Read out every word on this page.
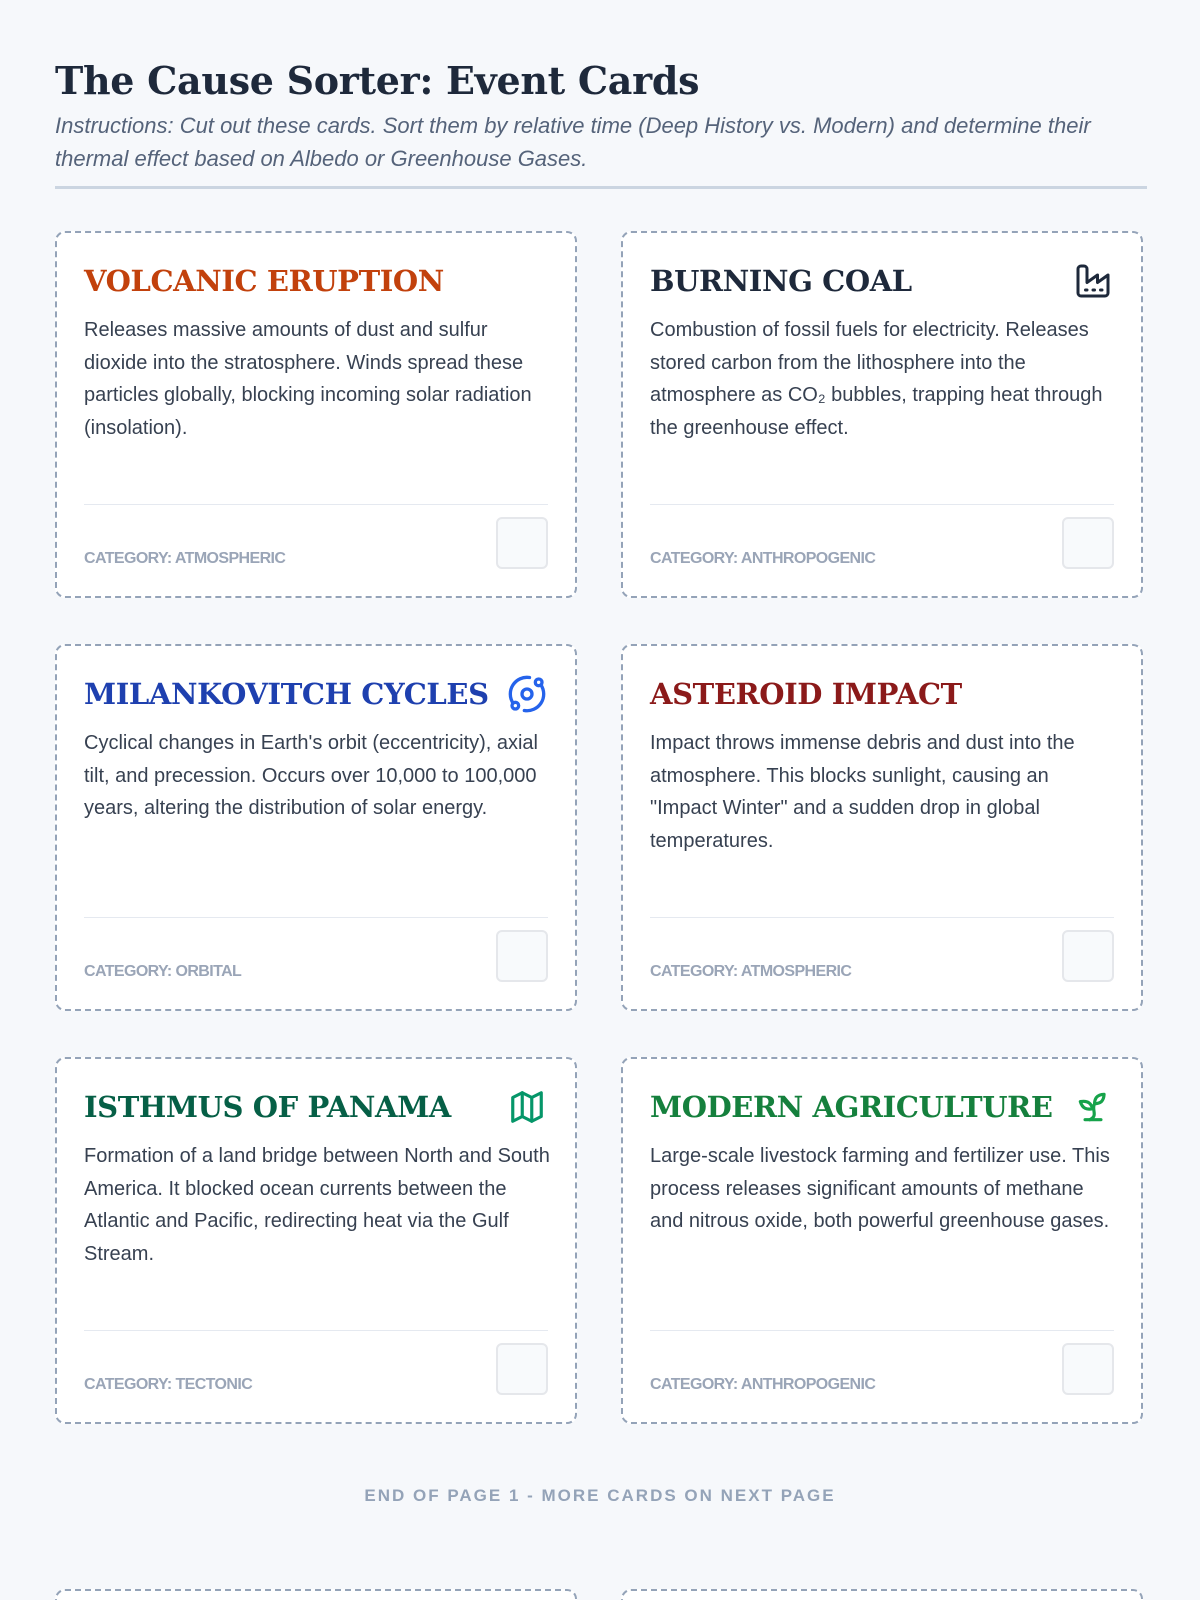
The Cause Sorter: Event Cards

Instructions: Cut out these cards. Sort them by relative time (Deep History vs. Modern) and determine their thermal effect based on Albedo or Greenhouse Gases.

VOLCANIC ERUPTION

Releases massive amounts of dust and sulfur dioxide into the stratosphere. Winds spread these particles globally, blocking incoming solar radiation (insolation).

CATEGORY: ATMOSPHERIC
BURNING COAL

Combustion of fossil fuels for electricity. Releases stored carbon from the lithosphere into the atmosphere as CO₂ bubbles, trapping heat through the greenhouse effect.

CATEGORY: ANTHROPOGENIC
MILANKOVITCH CYCLES

Cyclical changes in Earth's orbit (eccentricity), axial tilt, and precession. Occurs over 10,000 to 100,000 years, altering the distribution of solar energy.

CATEGORY: ORBITAL
ASTEROID IMPACT

Impact throws immense debris and dust into the atmosphere. This blocks sunlight, causing an "Impact Winter" and a sudden drop in global temperatures.

CATEGORY: ATMOSPHERIC
ISTHMUS OF PANAMA

Formation of a land bridge between North and South America. It blocked ocean currents between the Atlantic and Pacific, redirecting heat via the Gulf Stream.

CATEGORY: TECTONIC
MODERN AGRICULTURE

Large-scale livestock farming and fertilizer use. This process releases significant amounts of methane and nitrous oxide, both powerful greenhouse gases.

CATEGORY: ANTHROPOGENIC
END OF PAGE 1 - MORE CARDS ON NEXT PAGE
